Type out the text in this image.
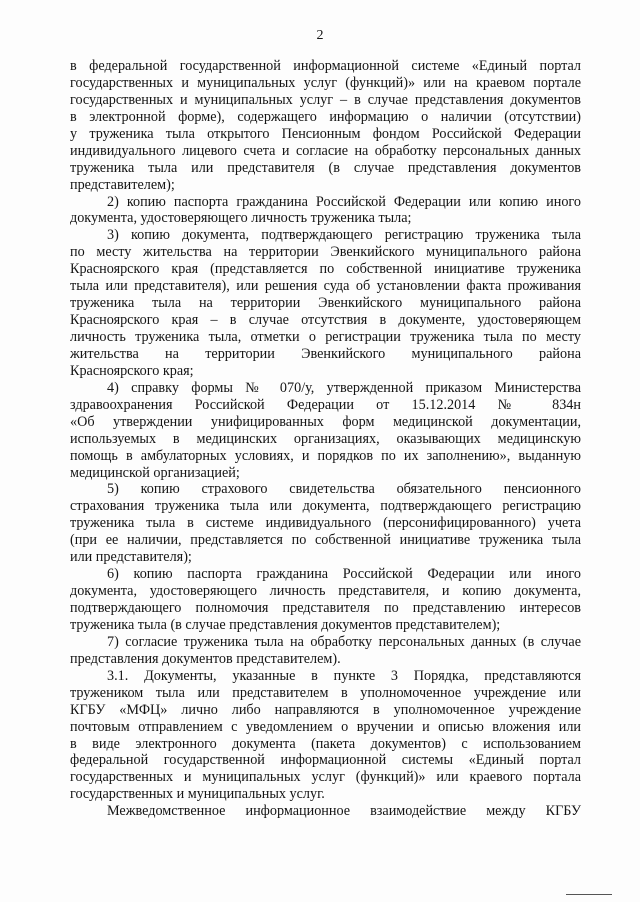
2
в федеральной государственной информационной системе «Единый портал
государственных и муниципальных услуг (функций)» или на краевом портале
государственных и муниципальных услуг – в случае представления документов
в электронной форме), содержащего информацию о наличии (отсутствии)
у труженика тыла открытого Пенсионным фондом Российской Федерации
индивидуального лицевого счета и согласие на обработку персональных данных
труженика тыла или представителя (в случае представления документов
представителем);
2) копию паспорта гражданина Российской Федерации или копию иного
документа, удостоверяющего личность труженика тыла;
3) копию документа, подтверждающего регистрацию труженика тыла
по месту жительства на территории Эвенкийского муниципального района
Красноярского края (представляется по собственной инициативе труженика
тыла или представителя), или решения суда об установлении факта проживания
труженика тыла на территории Эвенкийского муниципального района
Красноярского края – в случае отсутствия в документе, удостоверяющем
личность труженика тыла, отметки о регистрации труженика тыла по месту
жительства на территории Эвенкийского муниципального района
Красноярского края;
4) справку формы № 070/у, утвержденной приказом Министерства
здравоохранения Российской Федерации от 15.12.2014 № 834н
«Об утверждении унифицированных форм медицинской документации,
используемых в медицинских организациях, оказывающих медицинскую
помощь в амбулаторных условиях, и порядков по их заполнению», выданную
медицинской организацией;
5) копию страхового свидетельства обязательного пенсионного
страхования труженика тыла или документа, подтверждающего регистрацию
труженика тыла в системе индивидуального (персонифицированного) учета
(при ее наличии, представляется по собственной инициативе труженика тыла
или представителя);
6) копию паспорта гражданина Российской Федерации или иного
документа, удостоверяющего личность представителя, и копию документа,
подтверждающего полномочия представителя по представлению интересов
труженика тыла (в случае представления документов представителем);
7) согласие труженика тыла на обработку персональных данных (в случае
представления документов представителем).
3.1. Документы, указанные в пункте 3 Порядка, представляются
тружеником тыла или представителем в уполномоченное учреждение или
КГБУ «МФЦ» лично либо направляются в уполномоченное учреждение
почтовым отправлением с уведомлением о вручении и описью вложения или
в виде электронного документа (пакета документов) с использованием
федеральной государственной информационной системы «Единый портал
государственных и муниципальных услуг (функций)» или краевого портала
государственных и муниципальных услуг.
Межведомственное информационное взаимодействие между КГБУ
